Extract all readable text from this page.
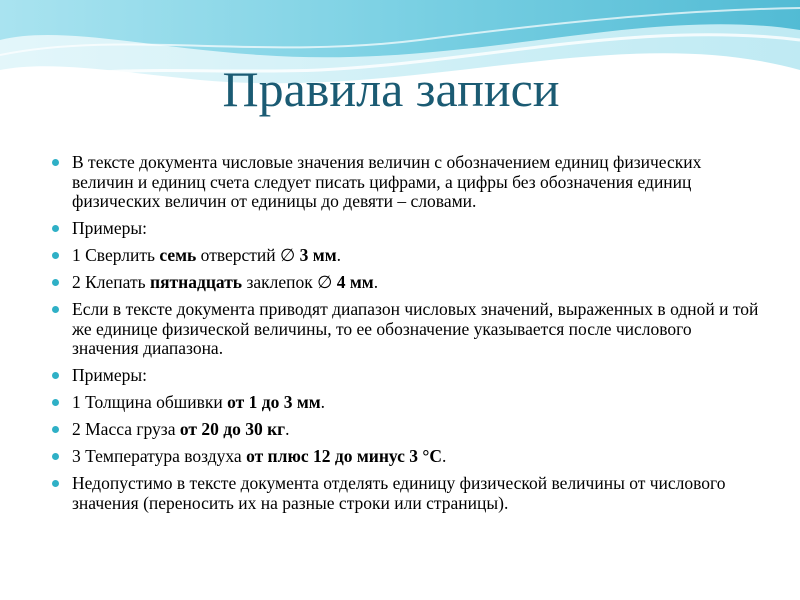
Правила записи
В тексте документа числовые значения величин с обозначением единиц физических величин и единиц счета следует писать цифрами, а цифры без обозначения единиц физических величин от единицы до девяти – словами.
Примеры:
1 Сверлить семь отверстий ∅ 3 мм.
2 Клепать пятнадцать заклепок ∅ 4 мм.
Если в тексте документа приводят диапазон числовых значений, выраженных в одной и той же единице физической величины, то ее обозначение указывается после числового значения диапазона.
Примеры:
1 Толщина обшивки от 1 до 3 мм.
2 Масса груза от 20 до 30 кг.
3 Температура воздуха от плюс 12 до минус 3 °С.
Недопустимо в тексте документа отделять единицу физической величины от числового значения (переносить их на разные строки или страницы).
